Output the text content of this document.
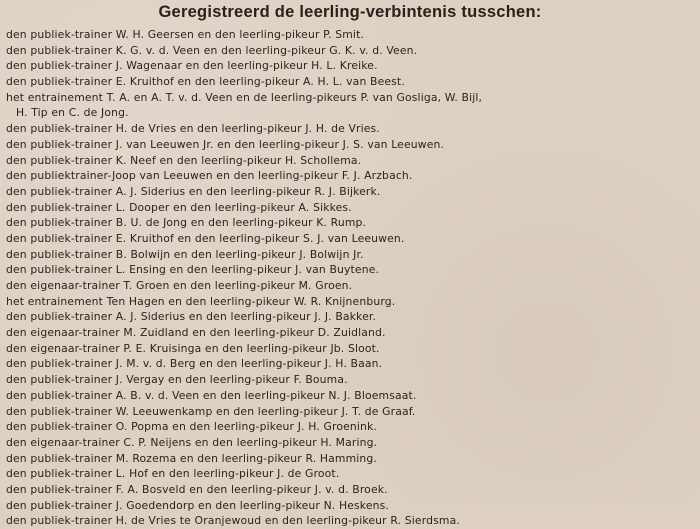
Geregistreerd de leerling-verbintenis tusschen:
den publiek-trainer W. H. Geersen en den leerling-pikeur P. Smit.
den publiek-trainer K. G. v. d. Veen en den leerling-pikeur G. K. v. d. Veen.
den publiek-trainer J. Wagenaar en den leerling-pikeur H. L. Kreike.
den publiek-trainer E. Kruithof en den leerling-pikeur A. H. L. van Beest.
het entrainement T. A. en A. T. v. d. Veen en de leerling-pikeurs P. van Gosliga, W. Bijl,
H. Tip en C. de Jong.
den publiek-trainer H. de Vries en den leerling-pikeur J. H. de Vries.
den publiek-trainer J. van Leeuwen Jr. en den leerling-pikeur J. S. van Leeuwen.
den publiek-trainer K. Neef en den leerling-pikeur H. Schollema.
den publiektrainer-Joop van Leeuwen en den leerling-pikeur F. J. Arzbach.
den publiek-trainer A. J. Siderius en den leerling-pikeur R. J. Bijkerk.
den publiek-trainer L. Dooper en den leerling-pikeur A. Sikkes.
den publiek-trainer B. U. de Jong en den leerling-pikeur K. Rump.
den publiek-trainer E. Kruithof en den leerling-pikeur S. J. van Leeuwen.
den publiek-trainer B. Bolwijn en den leerling-pikeur J. Bolwijn Jr.
den publiek-trainer L. Ensing en den leerling-pikeur J. van Buytene.
den eigenaar-trainer T. Groen en den leerling-pikeur M. Groen.
het entrainement Ten Hagen en den leerling-pikeur W. R. Knijnenburg.
den publiek-trainer A. J. Siderius en den leerling-pikeur J. J. Bakker.
den eigenaar-trainer M. Zuidland en den leerling-pikeur D. Zuidland.
den eigenaar-trainer P. E. Kruisinga en den leerling-pikeur Jb. Sloot.
den publiek-trainer J. M. v. d. Berg en den leerling-pikeur J. H. Baan.
den publiek-trainer J. Vergay en den leerling-pikeur F. Bouma.
den publiek-trainer A. B. v. d. Veen en den leerling-pikeur N. J. Bloemsaat.
den publiek-trainer W. Leeuwenkamp en den leerling-pikeur J. T. de Graaf.
den publiek-trainer O. Popma en den leerling-pikeur J. H. Groenink.
den eigenaar-trainer C. P. Neijens en den leerling-pikeur H. Maring.
den publiek-trainer M. Rozema en den leerling-pikeur R. Hamming.
den publiek-trainer L. Hof en den leerling-pikeur J. de Groot.
den publiek-trainer F. A. Bosveld en den leerling-pikeur J. v. d. Broek.
den publiek-trainer J. Goedendorp en den leerling-pikeur N. Heskens.
den publiek-trainer H. de Vries te Oranjewoud en den leerling-pikeur R. Sierdsma.
